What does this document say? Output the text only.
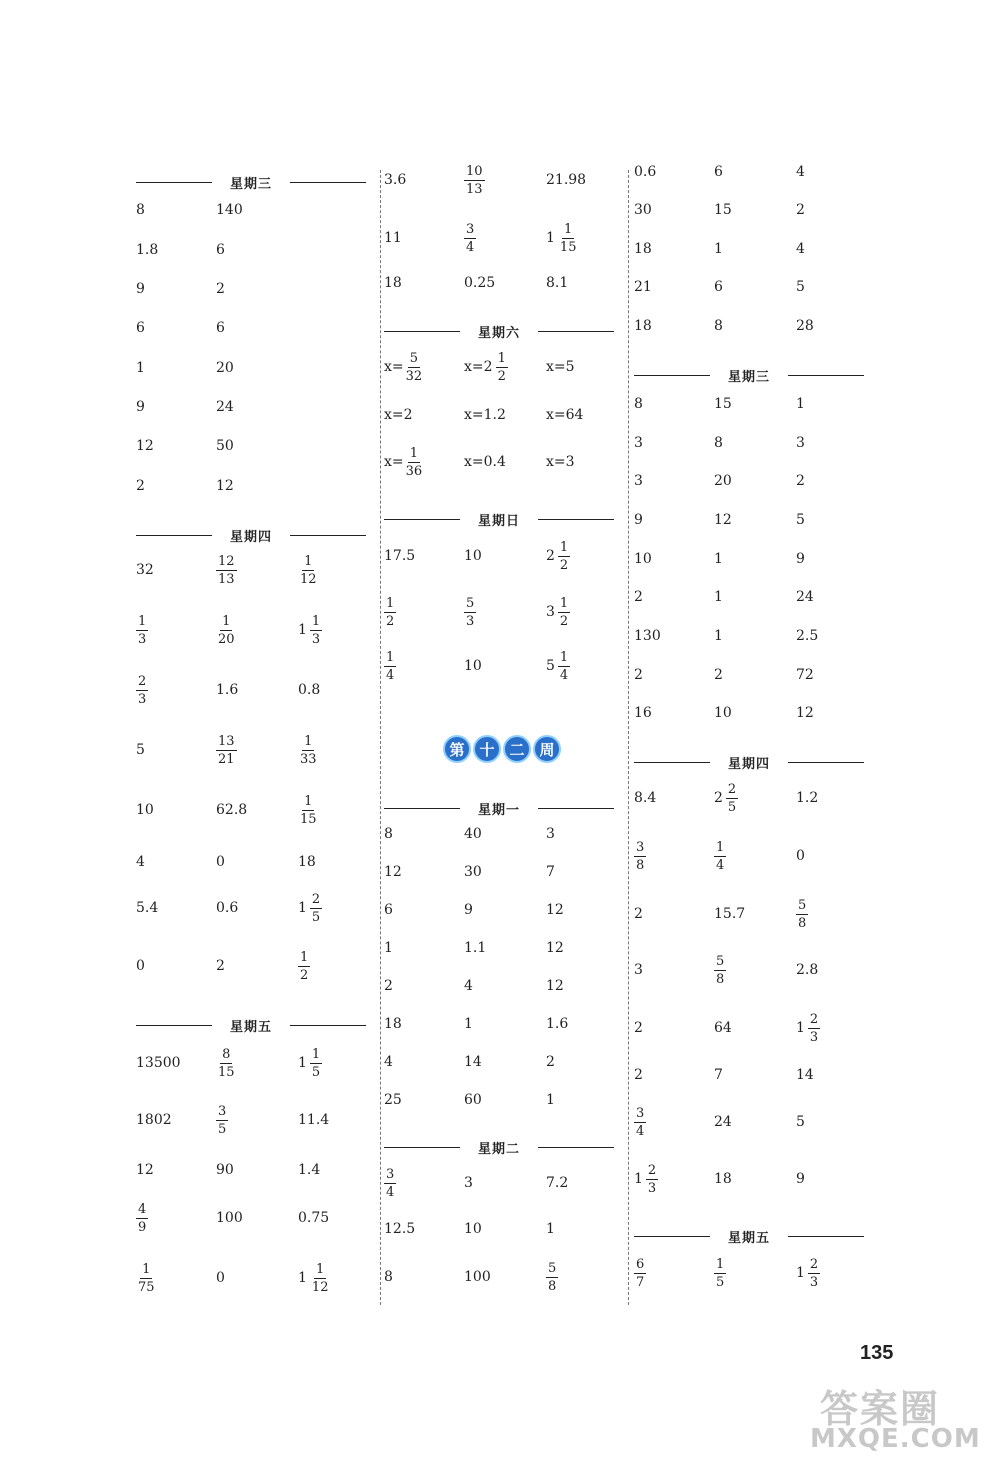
星期三
8	140
1.8	6
9	2
6	6
1	20
9	24
12	50
2	12
星期四
32	$\frac{12}{13}$	$\frac{1}{12}$
$\frac{1}{3}$	$\frac{1}{20}$	$1 \frac{1}{3}$
$\frac{2}{3}$	1.6	0.8
5	$\frac{13}{21}$	$\frac{1}{33}$
10	62.8	$\frac{1}{15}$
4	0	18
5.4	0.6	$1 \frac{2}{5}$
0	2	$\frac{1}{2}$
星期五
13500	$\frac{8}{15}$	$1 \frac{1}{5}$
1802	$\frac{3}{5}$	11.4
12	90	1.4
$\frac{4}{9}$	100	0.75
$\frac{1}{75}$	0	$1 \frac{1}{12}$
3.6	$\frac{10}{13}$	21.98
11	$\frac{3}{4}$	$1 \frac{1}{15}$
18	0.25	8.1
星期六
$x= \frac{5}{32}$	$x= 2 \frac{1}{2}$	x=5
x=2	x=1.2	x=64
$x= \frac{1}{36}$	x=0.4	x=3
星期日
17.5	10	$2 \frac{1}{2}$
$\frac{1}{2}$	$\frac{5}{3}$	$3 \frac{1}{2}$
$\frac{1}{4}$	10	$5 \frac{1}{4}$
星期一
8	40	3
12	30	7
6	9	12
1	1.1	12
2	4	12
18	1	1.6
4	14	2
25	60	1
星期二
$\frac{3}{4}$	3	7.2
12.5	10	1
8	100	$\frac{5}{8}$
0.6	6	4
30	15	2
18	1	4
21	6	5
18	8	28
星期三
8	15	1
3	8	3
3	20	2
9	12	5
10	1	9
2	1	24
130	1	2.5
2	2	72
16	10	12
星期四
8.4	$2 \frac{2}{5}$	1.2
$\frac{3}{8}$	$\frac{1}{4}$	0
2	15.7	$\frac{5}{8}$
3	$\frac{5}{8}$	2.8
2	64	$1 \frac{2}{3}$
2	7	14
$\frac{3}{4}$	24	5
$1 \frac{2}{3}$	18	9
星期五
$\frac{6}{7}$	$\frac{1}{5}$	$1 \frac{2}{3}$
第 十 二 周
135
答案圈
MXQE.COM
